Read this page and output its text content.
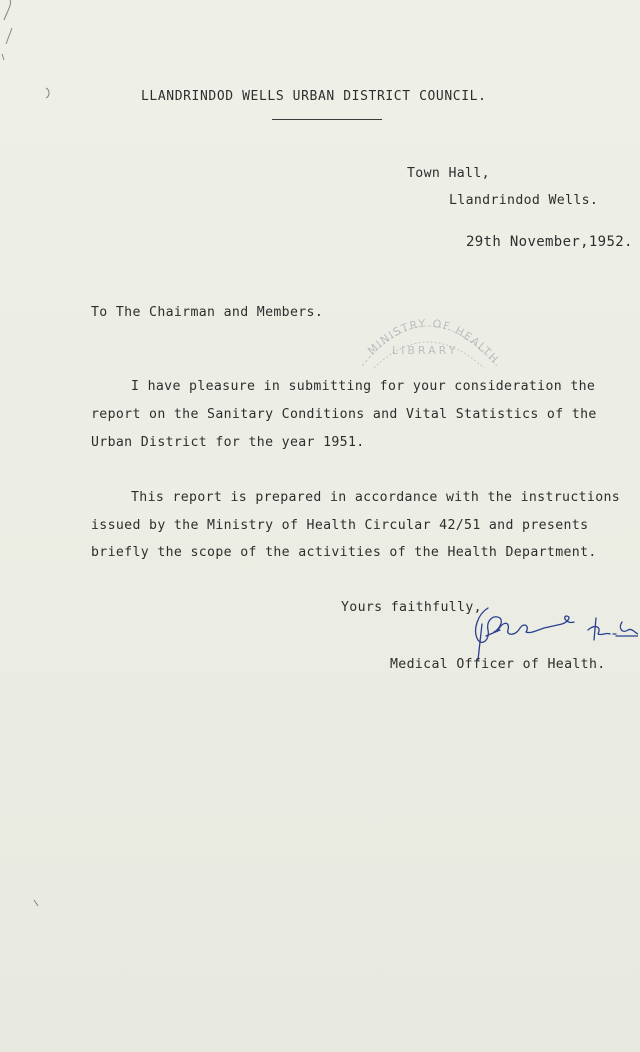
LLANDRINDOD WELLS URBAN DISTRICT COUNCIL.
Town Hall,
Llandrindod Wells.
29th November,1952.
To The Chairman and Members.
MINISTRY OF HEALTH
LIBRARY
I have pleasure in submitting for your consideration the
report on the Sanitary Conditions and Vital Statistics of the
Urban District for the year 1951.
This report is prepared in accordance with the instructions
issued by the Ministry of Health Circular 42/51 and presents
briefly the scope of the activities of the Health Department.
Yours faithfully,
Medical Officer of Health.
